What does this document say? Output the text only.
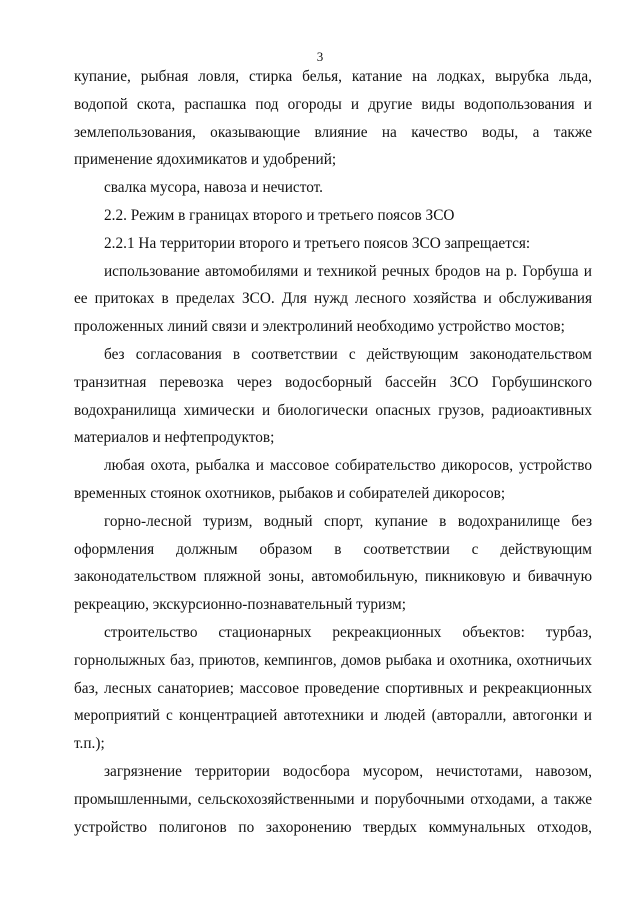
3

купание, рыбная ловля, стирка белья, катание на лодках, вырубка льда, водопой скота, распашка под огороды и другие виды водопользования и землепользования, оказывающие влияние на качество воды, а также применение ядохимикатов и удобрений;

свалка мусора, навоза и нечистот.

2.2. Режим в границах второго и третьего поясов ЗСО

2.2.1 На территории второго и третьего поясов ЗСО запрещается:

использование автомобилями и техникой речных бродов на р. Горбуша и ее притоках в пределах ЗСО. Для нужд лесного хозяйства и обслуживания проложенных линий связи и электролиний необходимо устройство мостов;

без согласования в соответствии с действующим законодательством транзитная перевозка через водосборный бассейн ЗСО Горбушинского водохранилища химически и биологически опасных грузов, радиоактивных материалов и нефтепродуктов;

любая охота, рыбалка и массовое собирательство дикоросов, устройство временных стоянок охотников, рыбаков и собирателей дикоросов;

горно-лесной туризм, водный спорт, купание в водохранилище без оформления должным образом в соответствии с действующим законодательством пляжной зоны, автомобильную, пикниковую и бивачную рекреацию, экскурсионно-познавательный туризм;

строительство стационарных рекреакционных объектов: турбаз, горнолыжных баз, приютов, кемпингов, домов рыбака и охотника, охотничьих баз, лесных санаториев; массовое проведение спортивных и рекреакционных мероприятий с концентрацией автотехники и людей (авторалли, автогонки и т.п.);

загрязнение территории водосбора мусором, нечистотами, навозом, промышленными, сельскохозяйственными и порубочными отходами, а также устройство полигонов по захоронению твердых коммунальных отходов,
